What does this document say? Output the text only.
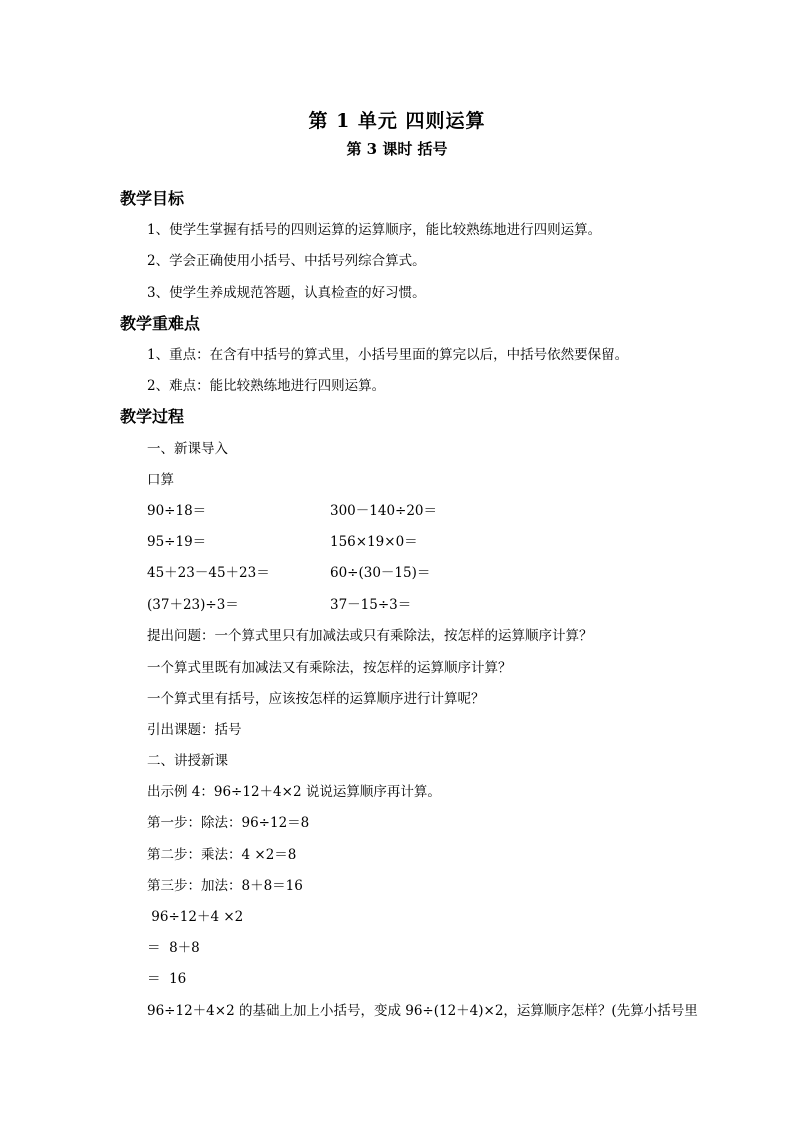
第 1 单元 四则运算
第 3 课时 括号
教学目标
1、使学生掌握有括号的四则运算的运算顺序，能比较熟练地进行四则运算。
2、学会正确使用小括号、中括号列综合算式。
3、使学生养成规范答题，认真检查的好习惯。
教学重难点
1、重点：在含有中括号的算式里，小括号里面的算完以后，中括号依然要保留。
2、难点：能比较熟练地进行四则运算。
教学过程
一、新课导入
口算
90÷18＝	300－140÷20＝
95÷19＝	156×19×0＝
45＋23－45＋23＝	60÷(30－15)＝
(37＋23)÷3＝	37－15÷3＝
提出问题：一个算式里只有加减法或只有乘除法，按怎样的运算顺序计算？
一个算式里既有加减法又有乘除法，按怎样的运算顺序计算？
一个算式里有括号，应该按怎样的运算顺序进行计算呢？
引出课题：括号
二、讲授新课
出示例 4：96÷12＋4×2 说说运算顺序再计算。
第一步：除法：96÷12＝8
第二步：乘法：4 ×2＝8
第三步：加法：8＋8＝16
96÷12＋4 ×2
＝  8＋8
＝  16
96÷12＋4×2 的基础上加上小括号，变成 96÷(12＋4)×2，运算顺序怎样？(先算小括号里
